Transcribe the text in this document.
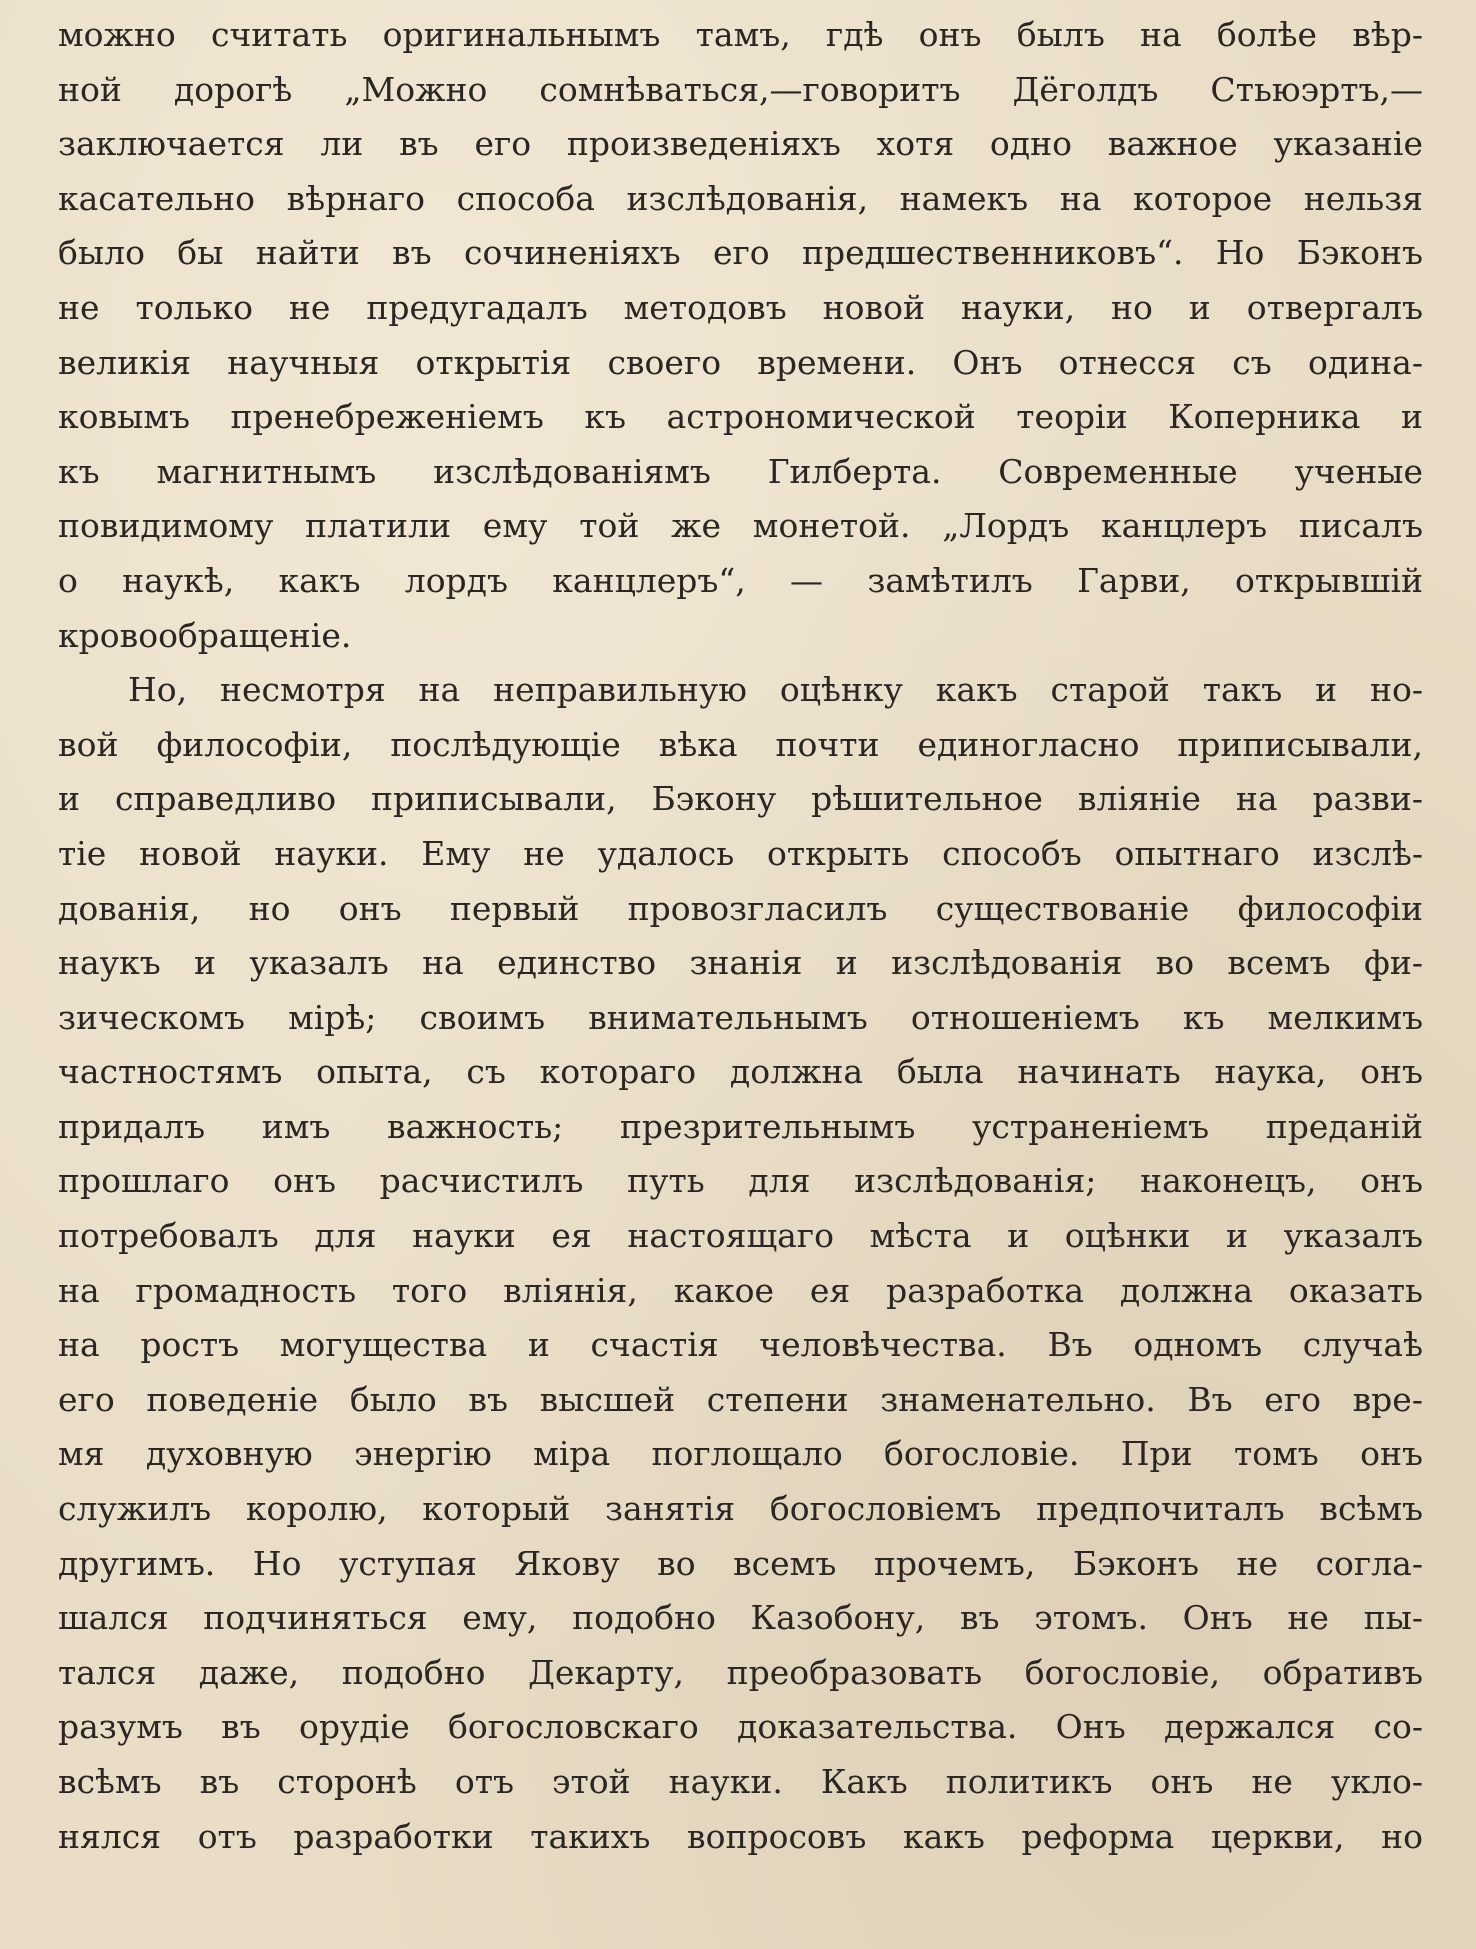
можно считать оригинальнымъ тамъ, гдѣ онъ былъ на болѣе вѣр-
ной дорогѣ „Можно сомнѣваться,—говоритъ Дёголдъ Стьюэртъ,—
заключается ли въ его произведеніяхъ хотя одно важное указаніе
касательно вѣрнаго способа изслѣдованія, намекъ на которое нельзя
было бы найти въ сочиненіяхъ его предшественниковъ“. Но Бэконъ
не только не предугадалъ методовъ новой науки, но и отвергалъ
великія научныя открытія своего времени. Онъ отнесся съ одина-
ковымъ пренебреженіемъ къ астрономической теоріи Коперника и
къ магнитнымъ изслѣдованіямъ Гилберта. Современные ученые
повидимому платили ему той же монетой. „Лордъ канцлеръ писалъ
о наукѣ, какъ лордъ канцлеръ“, — замѣтилъ Гарви, открывшій
кровообращеніе.
Но, несмотря на неправильную оцѣнку какъ старой такъ и но-
вой философіи, послѣдующіе вѣка почти единогласно приписывали,
и справедливо приписывали, Бэкону рѣшительное вліяніе на разви-
тіе новой науки. Ему не удалось открыть способъ опытнаго изслѣ-
дованія, но онъ первый провозгласилъ существованіе философіи
наукъ и указалъ на единство знанія и изслѣдованія во всемъ фи-
зическомъ мірѣ; своимъ внимательнымъ отношеніемъ къ мелкимъ
частностямъ опыта, съ котораго должна была начинать наука, онъ
придалъ имъ важность; презрительнымъ устраненіемъ преданій
прошлаго онъ расчистилъ путь для изслѣдованія; наконецъ, онъ
потребовалъ для науки ея настоящаго мѣста и оцѣнки и указалъ
на громадность того вліянія, какое ея разработка должна оказать
на ростъ могущества и счастія человѣчества. Въ одномъ случаѣ
его поведеніе было въ высшей степени знаменательно. Въ его вре-
мя духовную энергію міра поглощало богословіе. При томъ онъ
служилъ королю, который занятія богословіемъ предпочиталъ всѣмъ
другимъ. Но уступая Якову во всемъ прочемъ, Бэконъ не согла-
шался подчиняться ему, подобно Казобону, въ этомъ. Онъ не пы-
тался даже, подобно Декарту, преобразовать богословіе, обративъ
разумъ въ орудіе богословскаго доказательства. Онъ держался со-
всѣмъ въ сторонѣ отъ этой науки. Какъ политикъ онъ не укло-
нялся отъ разработки такихъ вопросовъ какъ реформа церкви, но
